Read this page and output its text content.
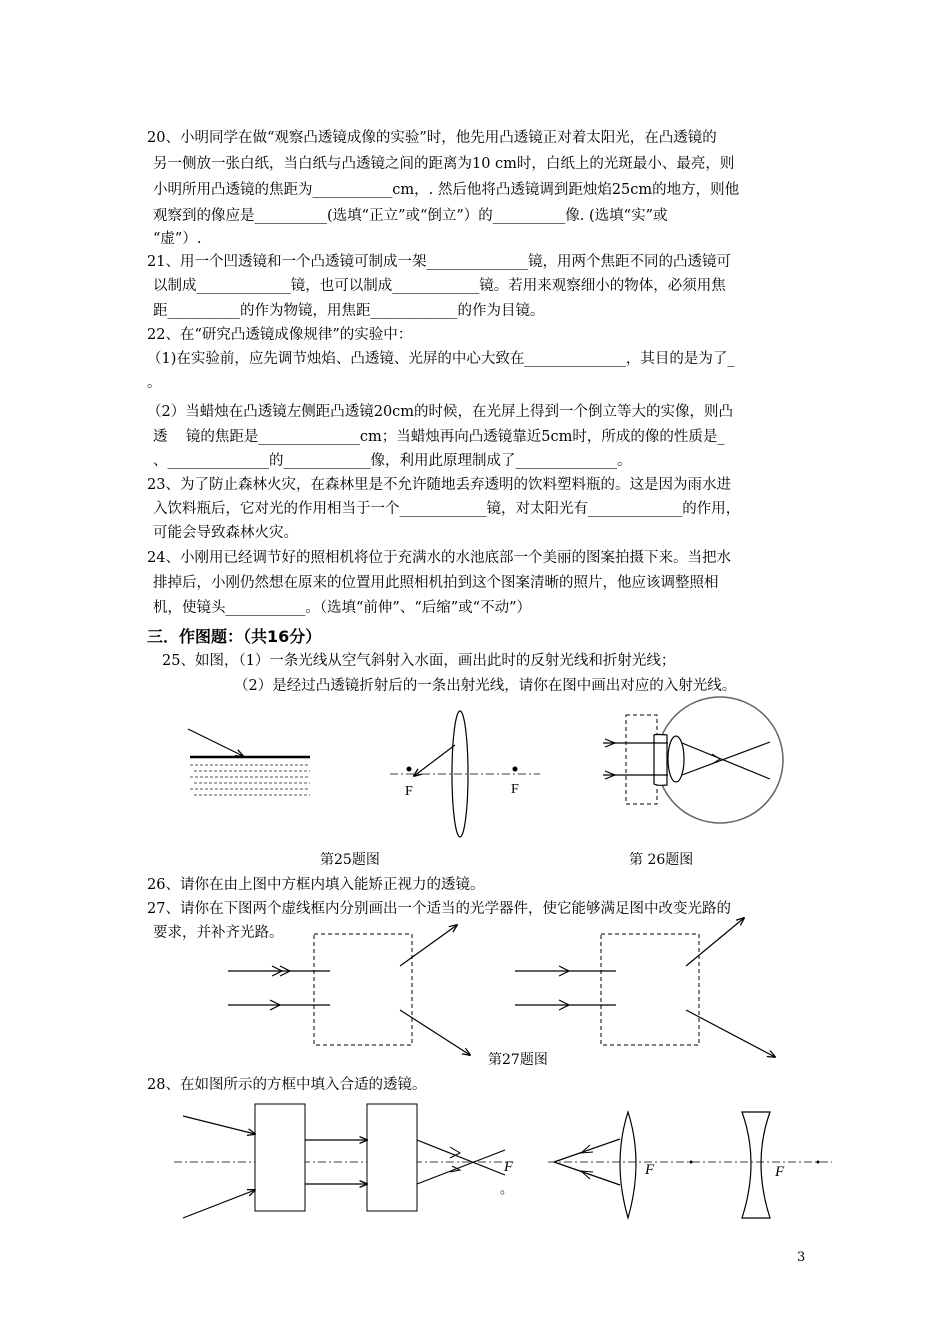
20、小明同学在做“观察凸透镜成像的实验”时，他先用凸透镜正对着太阳光，在凸透镜的
另一侧放一张白纸，当白纸与凸透镜之间的距离为10 cm时，白纸上的光斑最小、最亮，则
小明所用凸透镜的焦距为___________cm，. 然后他将凸透镜调到距烛焰25cm的地方，则他
观察到的像应是__________(选填“正立”或“倒立”）的__________像. (选填“实”或
“虚”）.
21、用一个凹透镜和一个凸透镜可制成一架______________镜，用两个焦距不同的凸透镜可
以制成_____________镜，也可以制成____________镜。若用来观察细小的物体，必须用焦
距__________的作为物镜，用焦距____________的作为目镜。
22、在“研究凸透镜成像规律”的实验中：
（1)在实验前，应先调节烛焰、凸透镜、光屏的中心大致在______________，其目的是为了_
。
（2）当蜡烛在凸透镜左侧距凸透镜20cm的时候，在光屏上得到一个倒立等大的实像，则凸
透    镜的焦距是______________cm；当蜡烛再向凸透镜靠近5cm时，所成的像的性质是_
、______________的____________像，利用此原理制成了______________。
23、为了防止森林火灾，在森林里是不允许随地丢弃透明的饮料塑料瓶的。这是因为雨水进
入饮料瓶后，它对光的作用相当于一个____________镜，对太阳光有_____________的作用，
可能会导致森林火灾。
24、小刚用已经调节好的照相机将位于充满水的水池底部一个美丽的图案拍摄下来。当把水
排掉后，小刚仍然想在原来的位置用此照相机拍到这个图案清晰的照片，他应该调整照相
机，使镜头___________。（选填“前伸”、“后缩”或“不动”）
三．作图题：（共16分）
25、如图，（1）一条光线从空气斜射入水面，画出此时的反射光线和折射光线；
（2）是经过凸透镜折射后的一条出射光线，请你在图中画出对应的入射光线。
F	F
F
。
F	F
第25题图	第 26题图
26、请你在由上图中方框内填入能矫正视力的透镜。
27、请你在下图两个虚线框内分别画出一个适当的光学器件，使它能够满足图中改变光路的
要求，并补齐光路。
第27题图
28、在如图所示的方框中填入合适的透镜。
3
